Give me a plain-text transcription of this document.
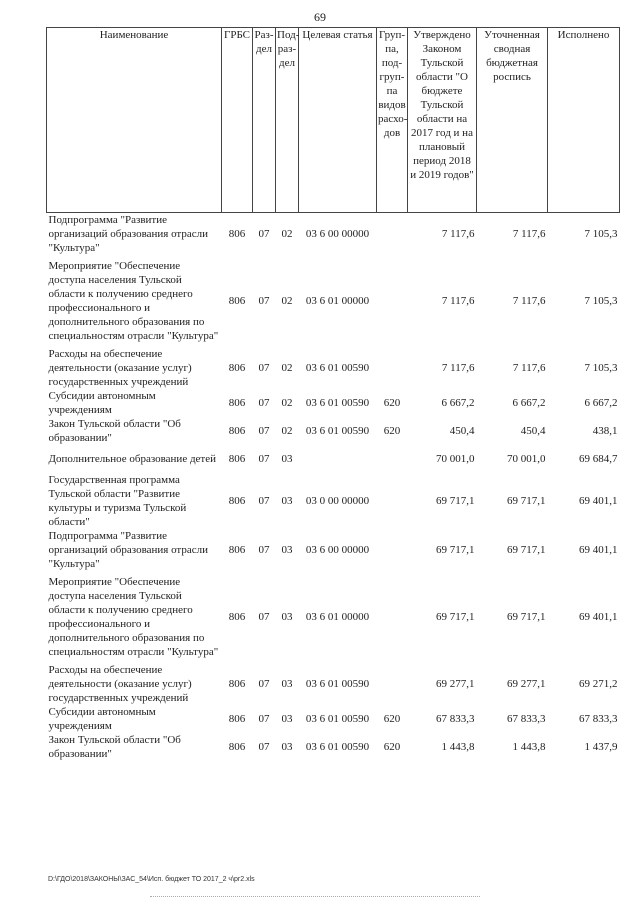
69
Наименование	ГРБС	Раз-дел	Под-раз-дел	Целевая статья	Груп-па, под-груп-па видов расхо-дов	Утверждено Законом Тульской области "О бюджете Тульской области на 2017 год и на плановый период 2018 и 2019 годов"	Уточненная сводная бюджетная роспись	Исполнено
Подпрограмма "Развитие организаций образования отрасли "Культура"	806	07	02	03 6 00 00000		7 117,6	7 117,6	7 105,3
Мероприятие "Обеспечение доступа населения Тульской области к получению среднего профессионального и дополнительного образования по специальностям отрасли "Культура"	806	07	02	03 6 01 00000		7 117,6	7 117,6	7 105,3
Расходы на обеспечение деятельности (оказание услуг) государственных учреждений	806	07	02	03 6 01 00590		7 117,6	7 117,6	7 105,3
Субсидии автономным учреждениям	806	07	02	03 6 01 00590	620	6 667,2	6 667,2	6 667,2
Закон Тульской области "Об образовании"	806	07	02	03 6 01 00590	620	450,4	450,4	438,1
Дополнительное образование детей	806	07	03			70 001,0	70 001,0	69 684,7
Государственная программа Тульской области "Развитие культуры и туризма Тульской области"	806	07	03	03 0 00 00000		69 717,1	69 717,1	69 401,1
Подпрограмма "Развитие организаций образования отрасли "Культура"	806	07	03	03 6 00 00000		69 717,1	69 717,1	69 401,1
Мероприятие "Обеспечение доступа населения Тульской области к получению среднего профессионального и дополнительного образования по специальностям отрасли "Культура"	806	07	03	03 6 01 00000		69 717,1	69 717,1	69 401,1
Расходы на обеспечение деятельности (оказание услуг) государственных учреждений	806	07	03	03 6 01 00590		69 277,1	69 277,1	69 271,2
Субсидии автономным учреждениям	806	07	03	03 6 01 00590	620	67 833,3	67 833,3	67 833,3
Закон Тульской области "Об образовании"	806	07	03	03 6 01 00590	620	1 443,8	1 443,8	1 437,9
D:\ГДО\2018\ЗАКОНЫ\ЗАС_54\Исп. бюджет ТО 2017_2 ч\pr2.xls
